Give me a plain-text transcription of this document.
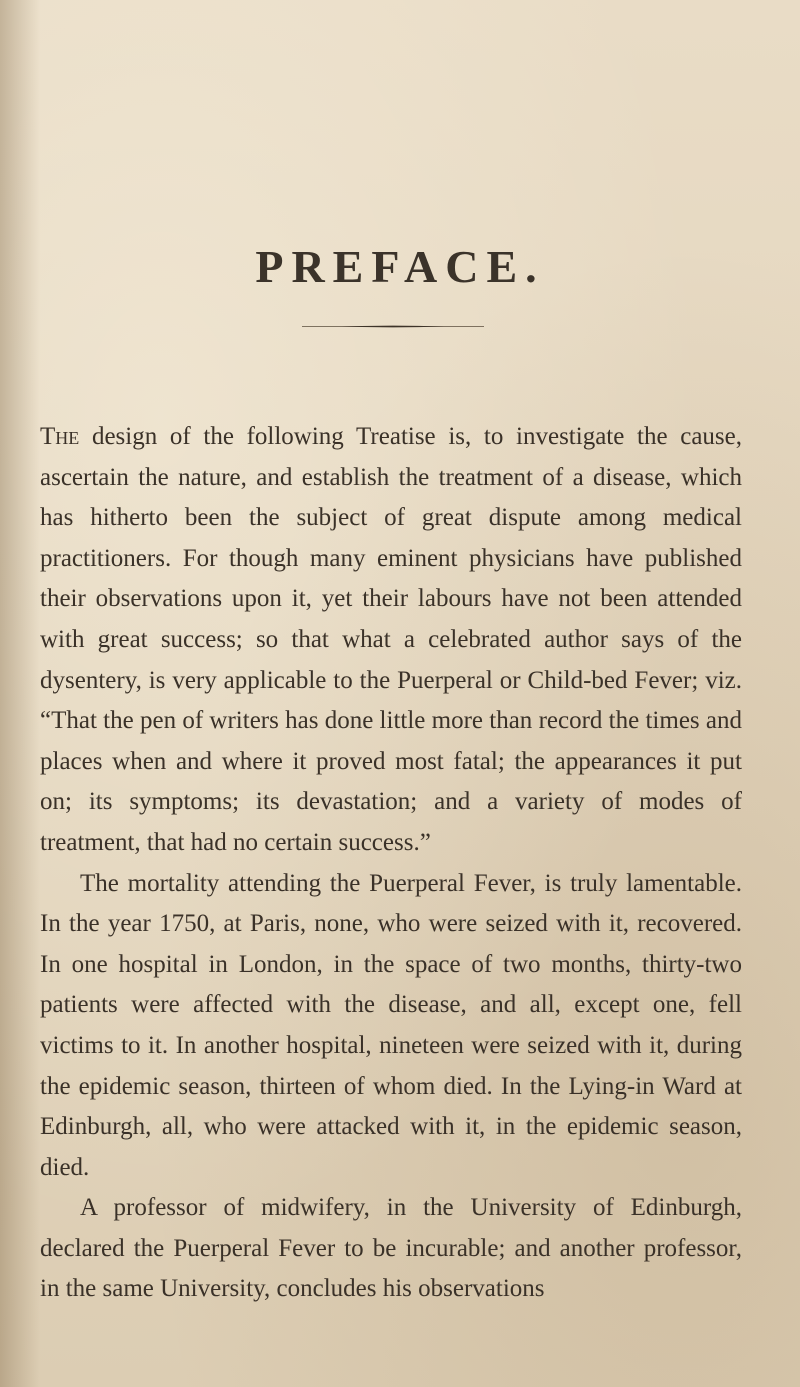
PREFACE.

The design of the following Treatise is, to investigate the cause, ascertain the nature, and establish the treatment of a disease, which has hitherto been the subject of great dispute among medical practitioners. For though many eminent physicians have published their observations upon it, yet their labours have not been attended with great success; so that what a celebrated author says of the dysentery, is very applicable to the Puerperal or Child-bed Fever; viz. “That the pen of writers has done little more than record the times and places when and where it proved most fatal; the appearances it put on; its symptoms; its devastation; and a variety of modes of treatment, that had no certain success.”

The mortality attending the Puerperal Fever, is truly lamentable. In the year 1750, at Paris, none, who were seized with it, recovered. In one hospital in London, in the space of two months, thirty-two patients were affected with the disease, and all, except one, fell victims to it. In another hospital, nineteen were seized with it, during the epidemic season, thirteen of whom died. In the Lying-in Ward at Edinburgh, all, who were attacked with it, in the epidemic season, died.

A professor of midwifery, in the University of Edinburgh, declared the Puerperal Fever to be incurable; and another professor, in the same University, concludes his observations
